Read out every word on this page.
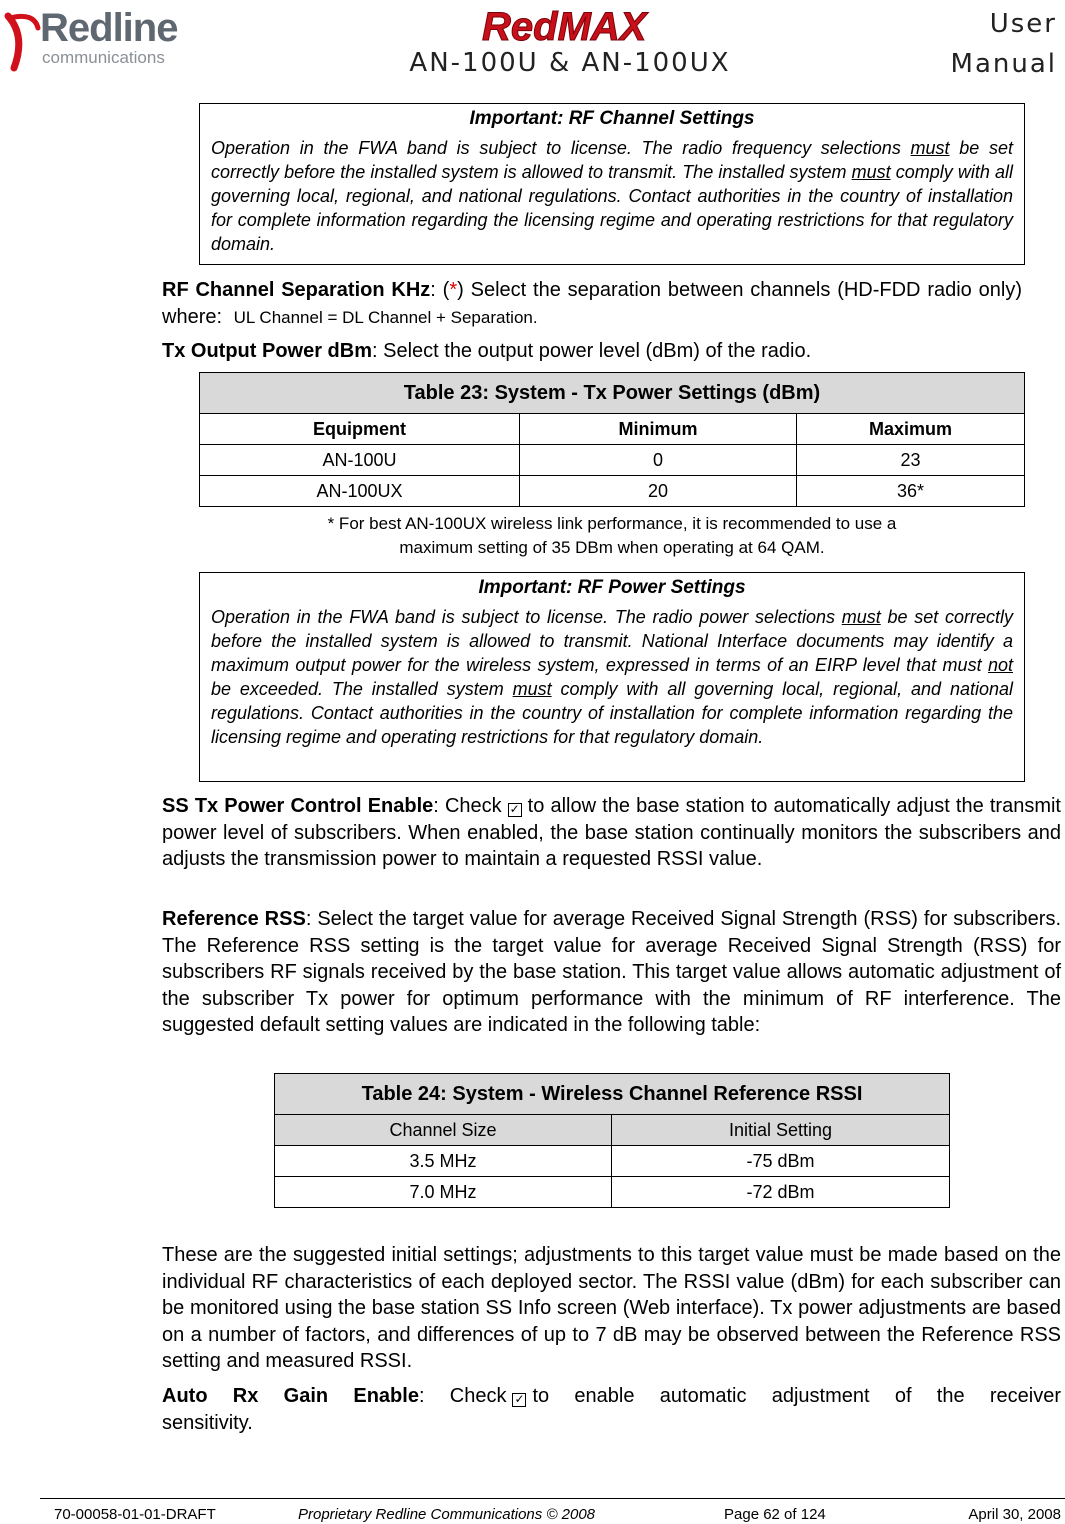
Redline
communications
RedMAX
AN-100U & AN-100UX
User
Manual
Important: RF Channel Settings
Operation in the FWA band is subject to license. The radio frequency selections must be set correctly before the installed system is allowed to transmit. The installed system must comply with all governing local, regional, and national regulations. Contact authorities in the country of installation for complete information regarding the licensing regime and operating restrictions for that regulatory domain.
RF Channel Separation KHz: (*) Select the separation between channels (HD-FDD radio only) where: UL Channel = DL Channel + Separation.
Tx Output Power dBm: Select the output power level (dBm) of the radio.
Table 23: System - Tx Power Settings (dBm)		
Equipment	Minimum	Maximum
AN-100U	0	23
AN-100UX	20	36*
* For best AN-100UX wireless link performance, it is recommended to use a
maximum setting of 35 DBm when operating at 64 QAM.
Important: RF Power Settings
Operation in the FWA band is subject to license. The radio power selections must be set correctly before the installed system is allowed to transmit. National Interface documents may identify a maximum output power for the wireless system, expressed in terms of an EIRP level that must not be exceeded. The installed system must comply with all governing local, regional, and national regulations. Contact authorities in the country of installation for complete information regarding the licensing regime and operating restrictions for that regulatory domain.
SS Tx Power Control Enable: Check ✓ to allow the base station to automatically adjust the transmit power level of subscribers. When enabled, the base station continually monitors the subscribers and adjusts the transmission power to maintain a requested RSSI value.
Reference RSS: Select the target value for average Received Signal Strength (RSS) for subscribers. The Reference RSS setting is the target value for average Received Signal Strength (RSS) for subscribers RF signals received by the base station. This target value allows automatic adjustment of the subscriber Tx power for optimum performance with the minimum of RF interference. The suggested default setting values are indicated in the following table:
Table 24: System - Wireless Channel Reference RSSI	
Channel Size	Initial Setting
3.5 MHz	-75 dBm
7.0 MHz	-72 dBm
These are the suggested initial settings; adjustments to this target value must be made based on the individual RF characteristics of each deployed sector. The RSSI value (dBm) for each subscriber can be monitored using the base station SS Info screen (Web interface). Tx power adjustments are based on a number of factors, and differences of up to 7 dB may be observed between the Reference RSS setting and measured RSSI.
Auto Rx Gain Enable: Check ✓ to enable automatic adjustment of the receiver sensitivity.
70-00058-01-01-DRAFT	Proprietary Redline Communications © 2008	Page 62 of 124	April 30, 2008
